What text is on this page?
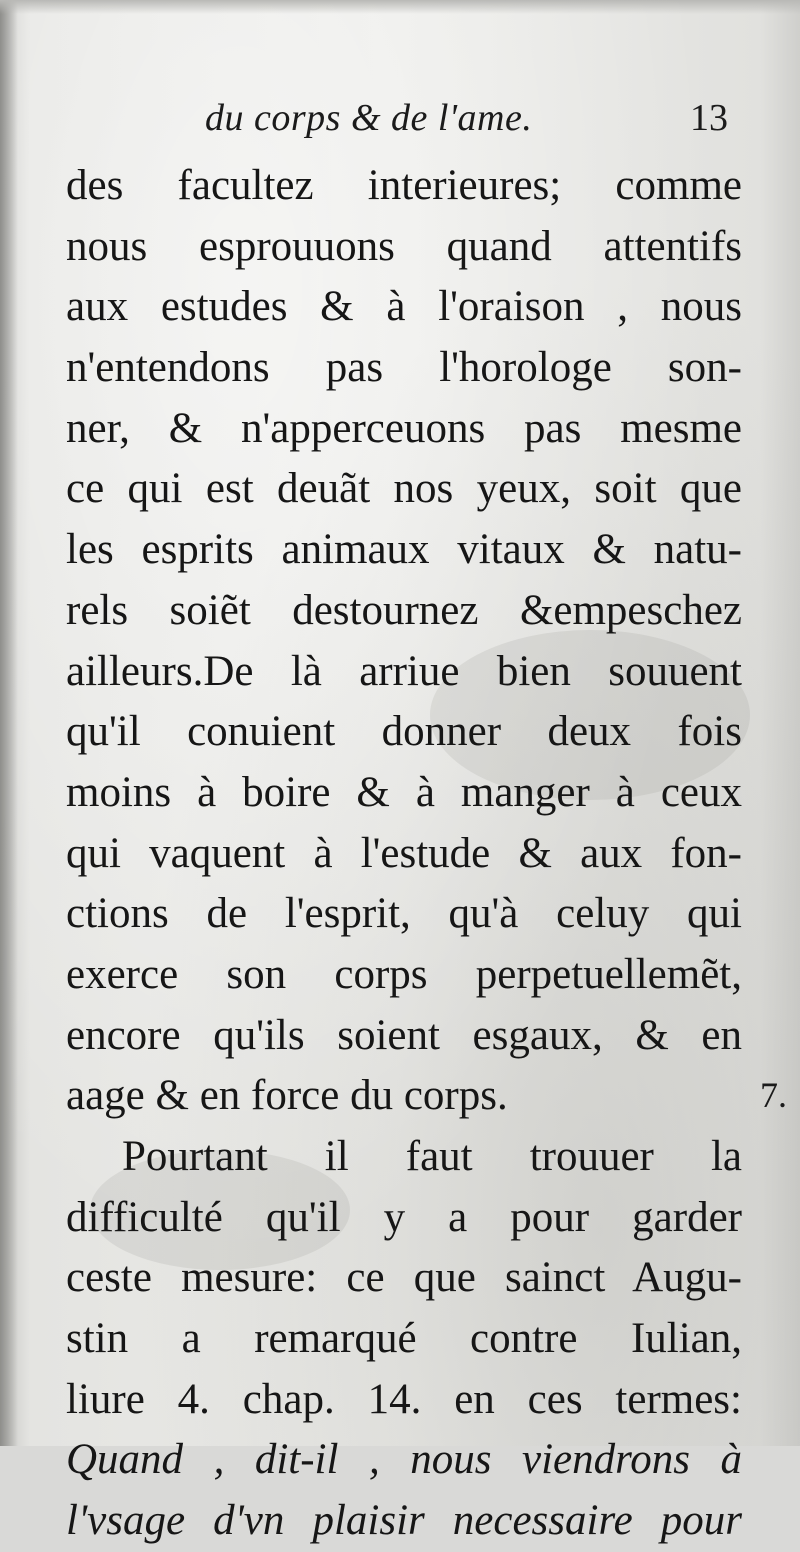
du corps & de l'ame.	13
des facultez interieures; comme
nous esprouuons quand attentifs
aux estudes & à l'oraison , nous
n'entendons pas l'horologe son-
ner, & n'apperceuons pas mesme
ce qui est deuãt nos yeux, soit que
les esprits animaux vitaux & natu-
rels soiẽt destournez &empeschez
ailleurs.De là arriue bien souuent
qu'il conuient donner deux fois
moins à boire & à manger à ceux
qui vaquent à l'estude & aux fon-
ctions de l'esprit, qu'à celuy qui
exerce son corps perpetuellemẽt,
encore qu'ils soient esgaux, & en
aage & en force du corps.
Pourtant il faut trouuer la
difficulté qu'il y a pour garder
ceste mesure: ce que sainct Augu-
stin a remarqué contre Iulian,
liure 4. chap. 14. en ces termes:
Quand , dit-il , nous viendrons à
l'vsage d'vn plaisir necessaire pour
7.
